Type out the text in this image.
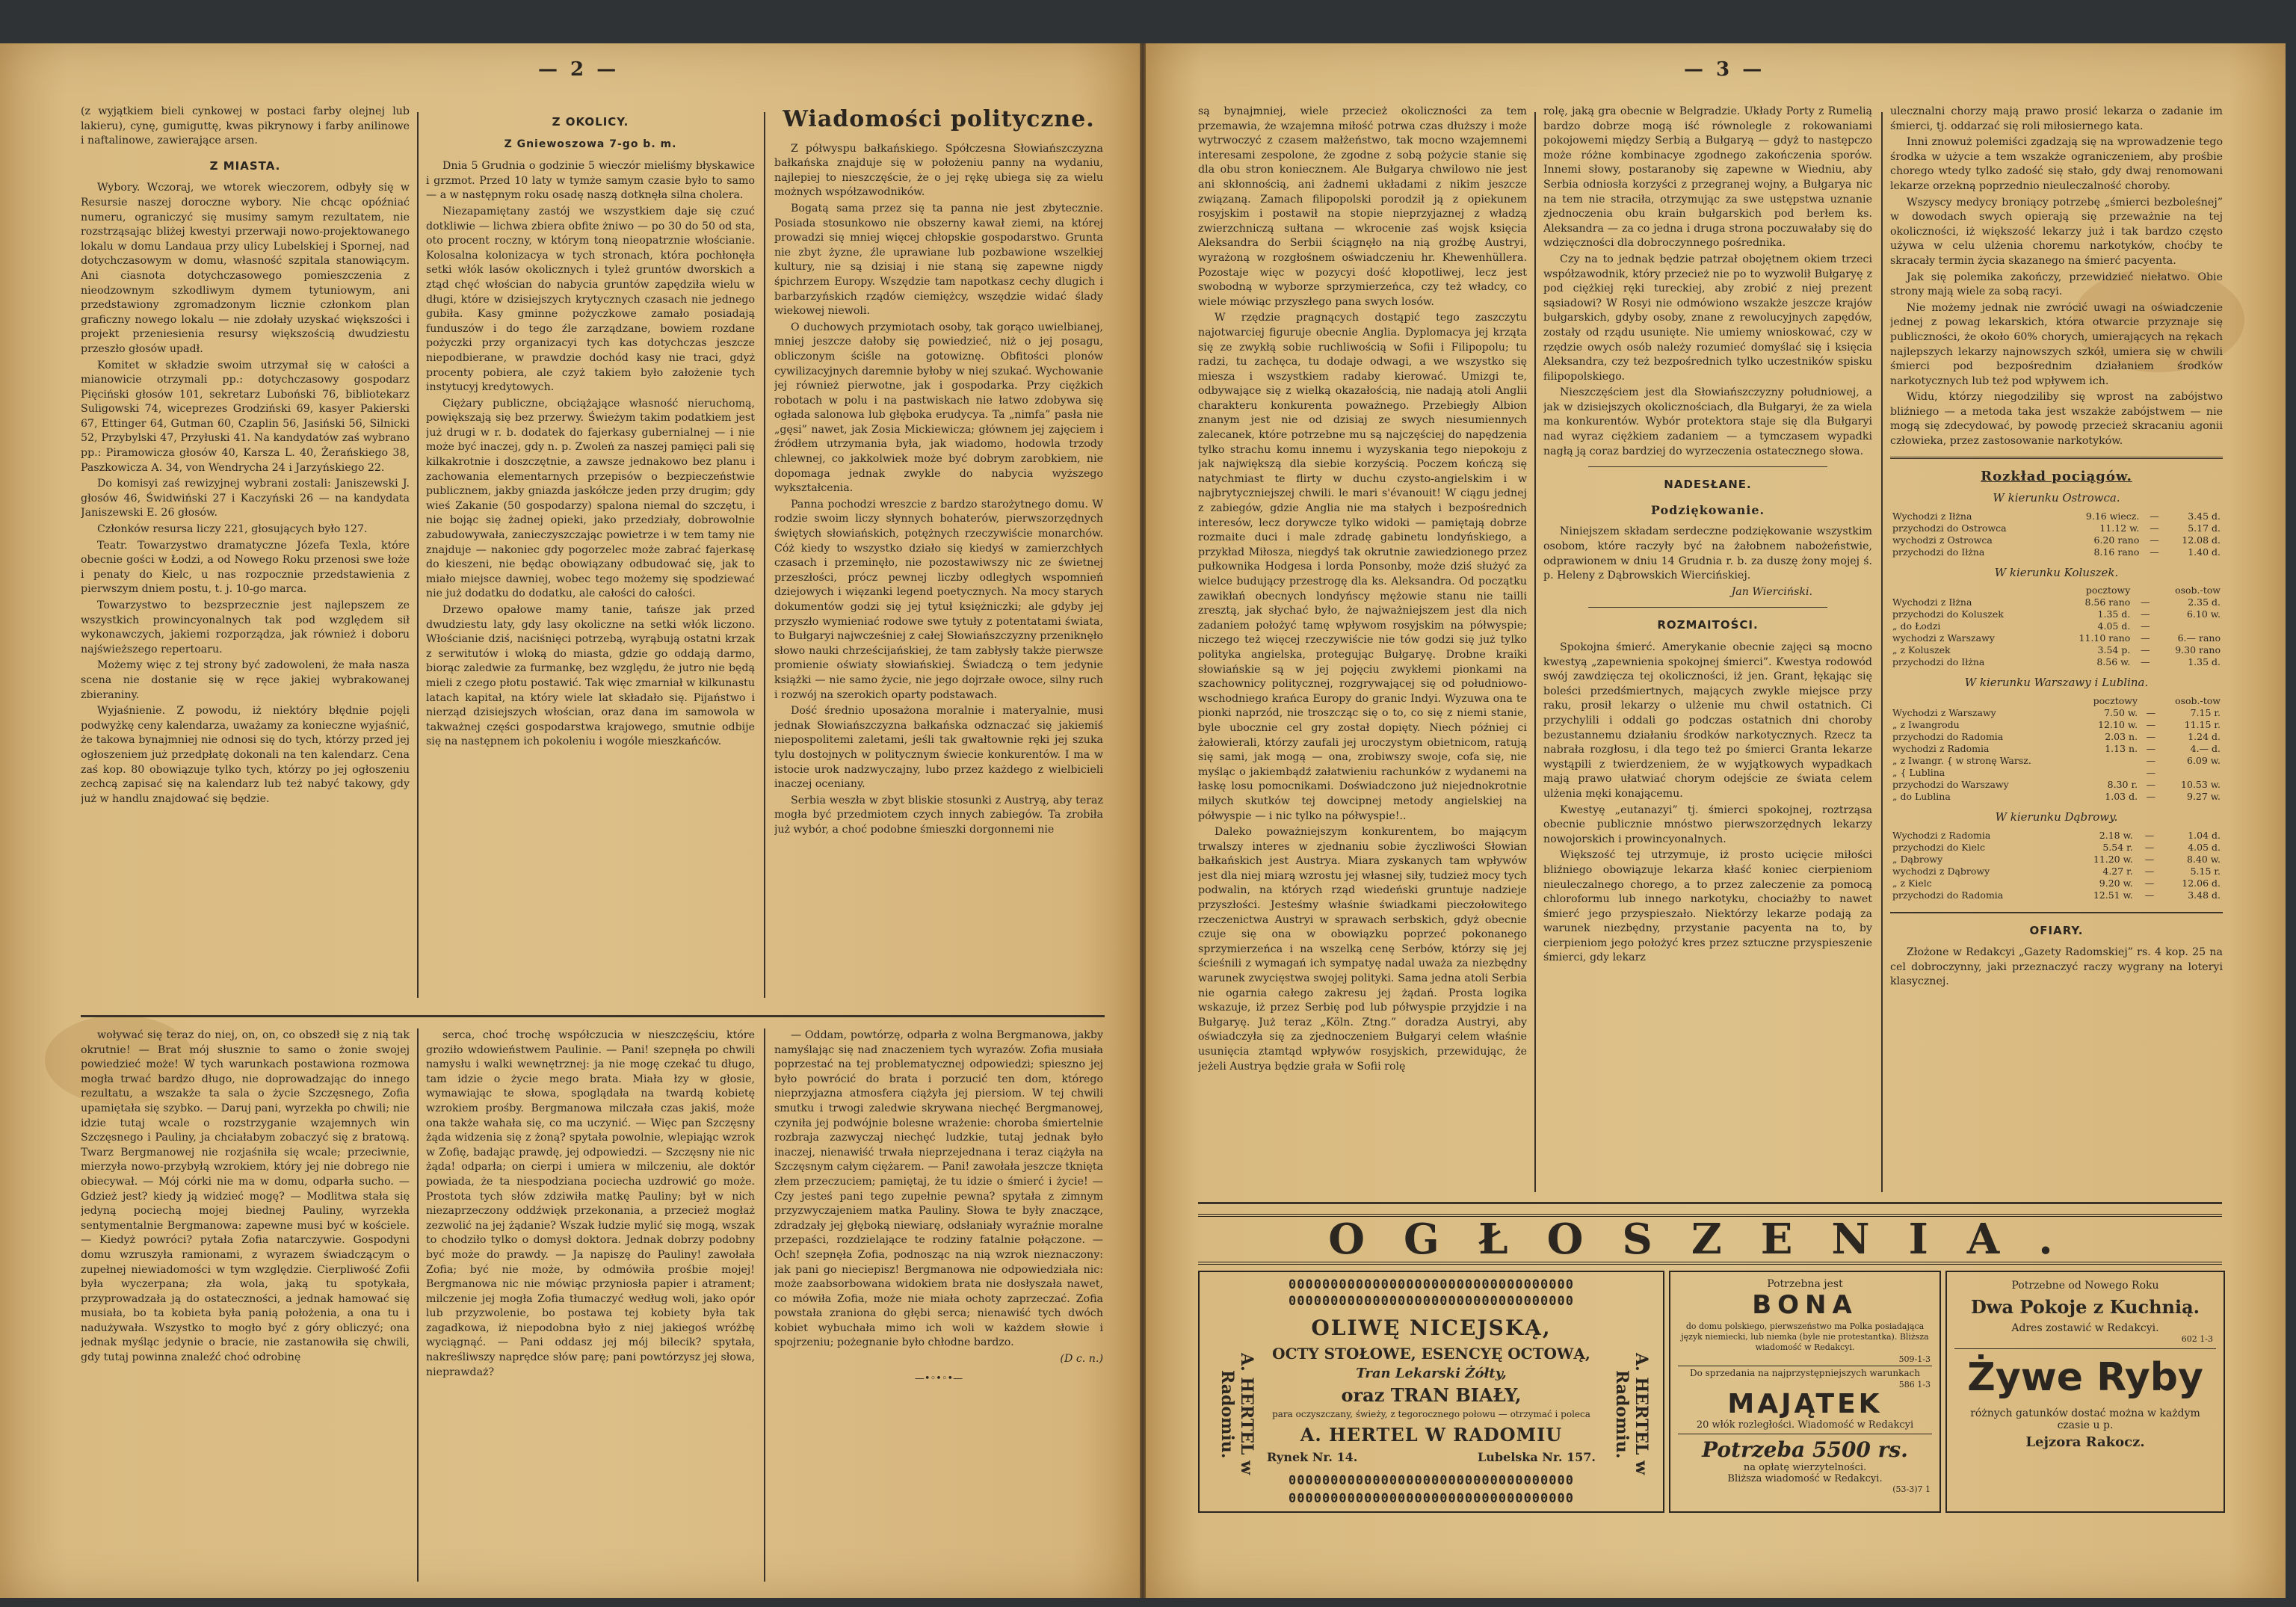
— 2 —

(z wyjątkiem bieli cynkowej w postaci farby olejnej lub lakieru), cynę, gumiguttę, kwas pikrynowy i farby anilinowe i naftalinowe, zawierające arsen.

Z MIASTA.

Wybory. Wczoraj, we wtorek wieczorem, odbyły się w Resursie naszej doroczne wybory. Nie chcąc opóźniać numeru, ograniczyć się musimy samym rezultatem, nie rozstrząsając bliżej kwestyi przerwaji nowo-projektowanego lokalu w domu Landaua przy ulicy Lubelskiej i Spornej, nad dotychczasowym w domu, własność szpitala stanowiącym. Ani ciasnota dotychczasowego pomieszczenia z nieodzownym szkodliwym dymem tytuniowym, ani przedstawiony zgromadzonym licznie członkom plan graficzny nowego lokalu — nie zdołały uzyskać większości i projekt przeniesienia resursy większością dwudziestu przeszło głosów upadł.

Komitet w składzie swoim utrzymał się w całości a mianowicie otrzymali pp.: dotychczasowy gospodarz Pięciński głosów 101, sekretarz Luboński 76, bibliotekarz Suligowski 74, wiceprezes Grodziński 69, kasyer Pakierski 67, Ettinger 64, Gutman 60, Czaplin 56, Jasiński 56, Silnicki 52, Przybylski 47, Przyłuski 41. Na kandydatów zaś wybrano pp.: Piramowicza głosów 40, Karsza L. 40, Żerańskiego 38, Paszkowicza A. 34, von Wendrycha 24 i Jarzyńskiego 22.

Do komisyi zaś rewizyjnej wybrani zostali: Janiszewski J. głosów 46, Świdwiński 27 i Kaczyński 26 — na kandydata Janiszewski E. 26 głosów.

Członków resursa liczy 221, głosujących było 127.

Teatr. Towarzystwo dramatyczne Józefa Texla, które obecnie gości w Łodzi, a od Nowego Roku przenosi swe łoże i penaty do Kielc, u nas rozpocznie przedstawienia z pierwszym dniem postu, t. j. 10-go marca.

Towarzystwo to bezsprzecznie jest najlepszem ze wszystkich prowincyonalnych tak pod względem sił wykonawczych, jakiemi rozporządza, jak również i doboru najświeższego repertoaru.

Możemy więc z tej strony być zadowoleni, że mała nasza scena nie dostanie się w ręce jakiej wybrakowanej zbieraniny.

Wyjaśnienie. Z powodu, iż niektóry błędnie pojęli podwyżkę ceny kalendarza, uważamy za konieczne wyjaśnić, że takowa bynajmniej nie odnosi się do tych, którzy przed jej ogłoszeniem już przedpłatę dokonali na ten kalendarz. Cena zaś kop. 80 obowiązuje tylko tych, którzy po jej ogłoszeniu zechcą zapisać się na kalendarz lub też nabyć takowy, gdy już w handlu znajdować się będzie.

Z OKOLICY.
Z Gniewoszowa 7-go b. m.

Dnia 5 Grudnia o godzinie 5 wieczór mieliśmy błyskawice i grzmot. Przed 10 laty w tymże samym czasie było to samo — a w następnym roku osadę naszą dotknęła silna cholera.

Niezapamiętany zastój we wszystkiem daje się czuć dotkliwie — lichwa zbiera obfite żniwo — po 30 do 50 od sta, oto procent roczny, w którym toną nieopatrznie włościanie. Kolosalna kolonizacya w tych stronach, która pochłonęła setki włók lasów okolicznych i tyleż gruntów dworskich a ztąd chęć włościan do nabycia gruntów zapędziła wielu w długi, które w dzisiejszych krytycznych czasach nie jednego gubiła. Kasy gminne pożyczkowe zamało posiadają funduszów i do tego źle zarządzane, bowiem rozdane pożyczki przy organizacyi tych kas dotychczas jeszcze niepodbierane, w prawdzie dochód kasy nie traci, gdyż procenty pobiera, ale czyż takiem było założenie tych instytucyj kredytowych.

Ciężary publiczne, obciążające własność nieruchomą, powiększają się bez przerwy. Świeżym takim podatkiem jest już drugi w r. b. dodatek do fajerkasy gubernialnej — i nie może być inaczej, gdy n. p. Zwoleń za naszej pamięci pali się kilkakrotnie i doszczętnie, a zawsze jednakowo bez planu i zachowania elementarnych przepisów o bezpieczeństwie publicznem, jakby gniazda jaskółcze jeden przy drugim; gdy wieś Zakanie (50 gospodarzy) spalona niemal do szczętu, i nie bojąc się żadnej opieki, jako przedziały, dobrowolnie zabudowywała, zanieczyszczając powietrze i w tem tamy nie znajduje — nakoniec gdy pogorzelec może zabrać fajerkasę do kieszeni, nie będąc obowiązany odbudować się, jak to miało miejsce dawniej, wobec tego możemy się spodziewać nie już dodatku do dodatku, ale całości do całości.

Drzewo opałowe mamy tanie, tańsze jak przed dwudziestu laty, gdy lasy okoliczne na setki włók liczono. Włościanie dziś, naciśnięci potrzebą, wyrąbują ostatni krzak z serwitutów i wloką do miasta, gdzie go oddają darmo, biorąc zaledwie za furmankę, bez względu, że jutro nie będą mieli z czego płotu postawić. Tak więc zmarniał w kilkunastu latach kapitał, na który wiele lat składało się. Pijaństwo i nierząd dzisiejszych włościan, oraz dana im samowola w takważnej części gospodarstwa krajowego, smutnie odbije się na następnem ich pokoleniu i wogóle mieszkańców.

Wiadomości polityczne.

Z półwyspu bałkańskiego. Spółczesna Słowiańszczyzna bałkańska znajduje się w położeniu panny na wydaniu, najlepiej to nieszczęście, że o jej rękę ubiega się za wielu możnych współzawodników.

Bogatą sama przez się ta panna nie jest zbytecznie. Posiada stosunkowo nie obszerny kawał ziemi, na której prowadzi się mniej więcej chłopskie gospodarstwo. Grunta nie zbyt żyzne, źle uprawiane lub pozbawione wszelkiej kultury, nie są dzisiaj i nie staną się zapewne nigdy śpichrzem Europy. Wszędzie tam napotkasz cechy dlugich i barbarzyńskich rządów ciemiężcy, wszędzie widać ślady wiekowej niewoli.

O duchowych przymiotach osoby, tak gorąco uwielbianej, mniej jeszcze dałoby się powiedzieć, niż o jej posagu, obliczonym ściśle na gotowiznę. Obfitości plonów cywilizacyjnych daremnie byłoby w niej szukać. Wychowanie jej również pierwotne, jak i gospodarka. Przy ciężkich robotach w polu i na pastwiskach nie łatwo zdobywa się ogłada salonowa lub głęboka erudycya. Ta „nimfa” pasła nie „gęsi” nawet, jak Zosia Mickiewicza; głównem jej zajęciem i źródłem utrzymania była, jak wiadomo, hodowla trzody chlewnej, co jakkolwiek może być dobrym zarobkiem, nie dopomaga jednak zwykle do nabycia wyższego wykształcenia.

Panna pochodzi wreszcie z bardzo starożytnego domu. W rodzie swoim liczy słynnych bohaterów, pierwszorzędnych świętych słowiańskich, potężnych rzeczywiście monarchów. Cóż kiedy to wszystko działo się kiedyś w zamierzchłych czasach i przeminęło, nie pozostawiwszy nic ze świetnej przeszłości, prócz pewnej liczby odległych wspomnień dziejowych i więzanki legend poetycznych. Na mocy starych dokumentów godzi się jej tytuł księżniczki; ale gdyby jej przyszło wymieniać rodowe swe tytuły z potentatami świata, to Bułgaryi najwcześniej z całej Słowiańszczyzny przeniknęło słowo nauki chrześcijańskiej, że tam zabłysły także pierwsze promienie oświaty słowiańskiej. Świadczą o tem jedynie książki — nie samo życie, nie jego dojrzałe owoce, silny ruch i rozwój na szerokich oparty podstawach.

Dość średnio uposażona moralnie i materyalnie, musi jednak Słowiańszczyzna bałkańska odznaczać się jakiemiś niepospolitemi zaletami, jeśli tak gwałtownie ręki jej szuka tylu dostojnych w politycznym świecie konkurentów. I ma w istocie urok nadzwyczajny, lubo przez każdego z wielbicieli inaczej oceniany.

Serbia weszła w zbyt bliskie stosunki z Austryą, aby teraz mogła być przedmiotem czych innych zabiegów. Ta zrobiła już wybór, a choć podobne śmieszki dorgonnemi nie

woływać się teraz do niej, on, on, co obszedł się z nią tak okrutnie! — Brat mój słusznie to samo o żonie swojej powiedzieć może! W tych warunkach postawiona rozmowa mogła trwać bardzo długo, nie doprowadzając do innego rezultatu, a wszakże ta sala o życie Szczęsnego, Zofia upamiętała się szybko. — Daruj pani, wyrzekła po chwili; nie idzie tutaj wcale o rozstrzyganie wzajemnych win Szczęsnego i Pauliny, ja chciałabym zobaczyć się z bratową. Twarz Bergmanowej nie rozjaśniła się wcale; przeciwnie, mierzyła nowo-przybyłą wzrokiem, który jej nie dobrego nie obiecywał. — Mój córki nie ma w domu, odparła sucho. — Gdzież jest? kiedy ją widzieć mogę? — Modlitwa stała się jedyną pociechą mojej biednej Pauliny, wyrzekła sentymentalnie Bergmanowa: zapewne musi być w kościele. — Kiedyż powróci? pytała Zofia natarczywie. Gospodyni domu wzruszyła ramionami, z wyrazem świadczącym o zupełnej niewiadomości w tym względzie. Cierpliwość Zofii była wyczerpana; zła wola, jaką tu spotykała, przyprowadzała ją do ostateczności, a jednak hamować się musiała, bo ta kobieta była panią położenia, a ona tu i nadużywała. Wszystko to mogło być z góry obliczyć; ona jednak myśląc jedynie o bracie, nie zastanowiła się chwili, gdy tutaj powinna znaleźć choć odrobinę

serca, choć trochę współczucia w nieszczęściu, które groziło wdowieństwem Paulinie. — Pani! szepnęła po chwili namysłu i walki wewnętrznej: ja nie mogę czekać tu długo, tam idzie o życie mego brata. Miała łzy w głosie, wymawiając te słowa, spoglądała na twardą kobietę wzrokiem prośby. Bergmanowa milczała czas jakiś, może ona także wahała się, co ma uczynić. — Więc pan Szczęsny żąda widzenia się z żoną? spytała powolnie, wlepiając wzrok w Zofię, badając prawdę, jej odpowiedzi. — Szczęsny nie nic żąda! odparła; on cierpi i umiera w milczeniu, ale doktór powiada, że ta niespodziana pociecha uzdrowić go może. Prostota tych słów zdziwiła matkę Pauliny; był w nich niezaprzeczony oddźwięk przekonania, a przecież mogłaż zezwolić na jej żądanie? Wszak łudzie mylić się mogą, wszak to chodziło tylko o domysł doktora. Jednak dobrzy podobny być może do prawdy. — Ja napiszę do Pauliny! zawołała Zofia; być nie może, by odmówiła prośbie mojej! Bergmanowa nic nie mówiąc przyniosła papier i atrament; milczenie jej mogła Zofia tłumaczyć według woli, jako opór lub przyzwolenie, bo postawa tej kobiety była tak zagadkowa, iż niepodobna było z niej jakiegoś wróżbę wyciągnąć. — Pani oddasz jej mój bilecik? spytała, nakreśliwszy naprędce słów parę; pani powtórzysz jej słowa, nieprawdaż?

— Oddam, powtórzę, odparła z wolna Bergmanowa, jakby namyślając się nad znaczeniem tych wyrazów. Zofia musiała poprzestać na tej problematycznej odpowiedzi; spieszno jej było powrócić do brata i porzucić ten dom, którego nieprzyjazna atmosfera ciążyła jej piersiom. W tej chwili smutku i trwogi zaledwie skrywana niechęć Bergmanowej, czyniła jej podwójnie bolesne wrażenie: choroba śmiertelnie rozbraja zazwyczaj niechęć ludzkie, tutaj jednak było inaczej, nienawiść trwała nieprzejednana i teraz ciążyła na Szczęsnym całym ciężarem. — Pani! zawołała jeszcze tknięta złem przeczuciem; pamiętaj, że tu idzie o śmierć i życie! — Czy jesteś pani tego zupełnie pewna? spytała z zimnym przyzwyczajeniem matka Pauliny. Słowa te były znaczące, zdradzały jej głęboką niewiarę, odsłaniały wyraźnie moralne przepaści, rozdzielające te rodziny fatalnie połączone. — Och! szepnęła Zofia, podnosząc na nią wzrok nieznaczony: jak pani go nieciepisz! Bergmanowa nie odpowiedziała nic: może zaabsorbowana widokiem brata nie dosłyszała nawet, co mówiła Zofia, może nie miała ochoty zaprzeczać. Zofia powstała zraniona do głębi serca; nienawiść tych dwóch kobiet wybuchała mimo ich woli w każdem słowie i spojrzeniu; pożegnanie było chłodne bardzo.

(D c. n.)
—•◦•◦•—
— 3 —

są bynajmniej, wiele przecież okoliczności za tem przemawia, że wzajemna miłość potrwa czas dłuższy i może wytrwoczyć z czasem małżeństwo, tak mocno wzajemnemi interesami zespolone, że zgodne z sobą pożycie stanie się dla obu stron koniecznem. Ale Bułgarya chwilowo nie jest ani skłonnością, ani żadnemi układami z nikim jeszcze związaną. Zamach filipopolski porodził ją z opiekunem rosyjskim i postawił na stopie nieprzyjaznej z władzą zwierzchniczą sułtana — wkrocenie zaś wojsk księcia Aleksandra do Serbii ściągnęło na nią groźbę Austryi, wyrażoną w rozgłośnem oświadczeniu hr. Khewenhüllera. Pozostaje więc w pozycyi dość kłopotliwej, lecz jest swobodną w wyborze sprzymierzeńca, czy też władcy, co wiele mówiąc przyszłego pana swych losów.

W rzędzie pragnących dostąpić tego zaszczytu najotwarciej figuruje obecnie Anglia. Dyplomacya jej krząta się ze zwykłą sobie ruchliwością w Sofii i Filipopolu; tu radzi, tu zachęca, tu dodaje odwagi, a we wszystko się miesza i wszystkiem radaby kierować. Umizgi te, odbywające się z wielką okazałością, nie nadają atoli Anglii charakteru konkurenta poważnego. Przebiegły Albion znanym jest nie od dzisiaj ze swych niesumiennych zalecanek, które potrzebne mu są najczęściej do napędzenia tylko strachu komu innemu i wyzyskania tego niepokoju z jak największą dla siebie korzyścią. Poczem kończą się natychmiast te flirty w duchu czysto-angielskim i w najbrytyczniejszej chwili. le mari s'évanouit! W ciągu jednej z zabiegów, gdzie Anglia nie ma stałych i bezpośrednich interesów, lecz dorywcze tylko widoki — pamiętają dobrze rozmaite duci i male zdradę gabinetu londyńskiego, a przykład Miłosza, niegdyś tak okrutnie zawiedzionego przez pułkownika Hodgesa i lorda Ponsonby, może dziś służyć za wielce budujący przestrogę dla ks. Aleksandra. Od początku zawikłań obecnych londyńscy mężowie stanu nie tailli zresztą, jak słychać było, że najważniejszem jest dla nich zadaniem położyć tamę wpływom rosyjskim na półwyspie; niczego też więcej rzeczywiście nie tów godzi się już tylko polityka angielska, protegując Bułgaryę. Drobne kraiki słowiańskie są w jej pojęciu zwykłemi pionkami na szachownicy politycznej, rozgrywającej się od południowo-wschodniego krańca Europy do granic Indyi. Wyzuwa ona te pionki naprzód, nie troszcząc się o to, co się z niemi stanie, byle ubocznie cel gry został dopięty. Niech później ci żałowierali, którzy zaufali jej uroczystym obietnicom, ratują się sami, jak mogą — ona, zrobiwszy swoje, cofa się, nie myśląc o jakiembądź załatwieniu rachunków z wydanemi na łaskę losu pomocnikami. Doświadczono już niejednokrotnie milych skutków tej dowcipnej metody angielskiej na półwyspie — i nic tylko na półwyspie!..

Daleko poważniejszym konkurentem, bo mającym trwalszy interes w zjednaniu sobie życzliwości Słowian bałkańskich jest Austrya. Miara zyskanych tam wpływów jest dla niej miarą wzrostu jej własnej siły, tudzież mocy tych podwalin, na których rząd wiedeński gruntuje nadzieje przyszłości. Jesteśmy właśnie świadkami pieczołowitego rzeczenictwa Austryi w sprawach serbskich, gdyż obecnie czuje się ona w obowiązku poprzeć pokonanego sprzymierzeńca i na wszelką cenę Serbów, którzy się jej ścieśnili z wymagań ich sympatyę nadal uważa za niezbędny warunek zwycięstwa swojej polityki. Sama jedna atoli Serbia nie ogarnia całego zakresu jej żądań. Prosta logika wskazuje, iż przez Serbię pod lub półwyspie przyjdzie i na Bułgaryę. Już teraz „Köln. Ztng.” doradza Austryi, aby oświadczyła się za zjednoczeniem Bułgaryi celem właśnie usunięcia ztamtąd wpływów rosyjskich, przewidując, że jeżeli Austrya będzie grała w Sofii rolę

rolę, jaką gra obecnie w Belgradzie. Układy Porty z Rumelią bardzo dobrze mogą iść równolegle z rokowaniami pokojowemi między Serbią a Bułgaryą — gdyż to następczo może różne kombinacye zgodnego zakończenia sporów. Innemi słowy, postaranoby się zapewne w Wiedniu, aby Serbia odniosła korzyści z przegranej wojny, a Bułgarya nic na tem nie straciła, otrzymując za swe ustępstwa uznanie zjednoczenia obu krain bułgarskich pod berłem ks. Aleksandra — za co jedna i druga strona poczuwałaby się do wdzięczności dla dobroczynnego pośrednika.

Czy na to jednak będzie patrzał obojętnem okiem trzeci współzawodnik, który przecież nie po to wyzwolił Bułgaryę z pod ciężkiej ręki tureckiej, aby zrobić z niej prezent sąsiadowi? W Rosyi nie odmówiono wszakże jeszcze krajów bułgarskich, gdyby osoby, znane z rewolucyjnych zapędów, zostały od rządu usunięte. Nie umiemy wnioskować, czy w rzędzie owych osób należy rozumieć domyślać się i księcia Aleksandra, czy też bezpośrednich tylko uczestników spisku filipopolskiego.

Nieszczęściem jest dla Słowiańszczyzny południowej, a jak w dzisiejszych okolicznościach, dla Bułgaryi, że za wiela ma konkurentów. Wybór protektora staje się dla Bułgaryi nad wyraz ciężkiem zadaniem — a tymczasem wypadki nagłą ją coraz bardziej do wyrzeczenia ostatecznego słowa.

NADESŁANE.
Podziękowanie.

Niniejszem składam serdeczne podziękowanie wszystkim osobom, które raczyły być na żałobnem nabożeństwie, odprawionem w dniu 14 Grudnia r. b. za duszę żony mojej ś. p. Heleny z Dąbrowskich Wiercińskiej.

Jan Wierciński.
ROZMAITOŚCI.

Spokojna śmierć. Amerykanie obecnie zajęci są mocno kwestyą „zapewnienia spokojnej śmierci”. Kwestya rodowód swój zawdzięcza tej okoliczności, iż jen. Grant, łękając się boleści przedśmiertnych, mających zwykle miejsce przy raku, prosił lekarzy o ulżenie mu chwil ostatnich. Ci przychylili i oddali go podczas ostatnich dni choroby bezustannemu działaniu środków narkotycznych. Rzecz ta nabrała rozgłosu, i dla tego też po śmierci Granta lekarze wystąpili z twierdzeniem, że w wyjątkowych wypadkach mają prawo ułatwiać chorym odejście ze świata celem ulżenia męki konającemu.

Kwestyę „eutanazyi” tj. śmierci spokojnej, roztrząsa obecnie publicznie mnóstwo pierwszorzędnych lekarzy nowojorskich i prowincyonalnych.

Większość tej utrzymuje, iż prosto ucięcie miłości bliźniego obowiązuje lekarza kłaść koniec cierpieniom nieuleczalnego chorego, a to przez zaleczenie za pomocą chloroformu lub innego narkotyku, chociażby to nawet śmierć jego przyspieszało. Niektórzy lekarze podają za warunek niezbędny, przystanie pacyenta na to, by cierpieniom jego położyć kres przez sztuczne przyspieszenie śmierci, gdy lekarz

ulecznalni chorzy mają prawo prosić lekarza o zadanie im śmierci, tj. oddarzać się roli miłosiernego kata.

Inni znowuż polemiści zgadzają się na wprowadzenie tego środka w użycie a tem wszakże ograniczeniem, aby prośbie chorego wtedy tylko zadość się stało, gdy dwaj renomowani lekarze orzekną poprzednio nieuleczalność choroby.

Wszyscy medycy broniący potrzebę „śmierci bezboleśnej” w dowodach swych opierają się przeważnie na tej okoliczności, iż większość lekarzy już i tak bardzo często używa w celu ulżenia choremu narkotyków, choćby te skracały termin życia skazanego na śmierć pacyenta.

Jak się polemika zakończy, przewidzieć niełatwo. Obie strony mają wiele za sobą racyi.

Nie możemy jednak nie zwrócić uwagi na oświadczenie jednej z powag lekarskich, która otwarcie przyznaje się publiczności, że około 60% chorych, umierających na rękach najlepszych lekarzy najnowszych szkół, umiera się w chwili śmierci pod bezpośrednim działaniem środków narkotycznych lub też pod wpływem ich.

Widu, którzy niegodziliby się wprost na zabójstwo bliźniego — a metoda taka jest wszakże zabójstwem — nie mogą się zdecydować, by powodę przecież skracaniu agonii człowieka, przez zastosowanie narkotyków.

Rozkład pociągów.
W kierunku Ostrowca.
Wychodzi z Iłżna	9.16 wiecz.	—	3.45 d.
przychodzi do Ostrowca	11.12 w.	—	5.17 d.
wychodzi z Ostrowca	6.20 rano	—	12.08 d.
przychodzi do Iłżna	8.16 rano	—	1.40 d.
W kierunku Koluszek.
	pocztowy		osob.-tow
Wychodzi z Iłżna	8.56 rano	—	2.35 d.
przychodzi do Koluszek	1.35 d.	—	6.10 w.
„ do Łodzi	4.05 d.	—	
wychodzi z Warszawy	11.10 rano	—	6.— rano
„ z Koluszek	3.54 p.	—	9.30 rano
przychodzi do Iłżna	8.56 w.	—	1.35 d.
W kierunku Warszawy i Lublina.
	pocztowy		osob.-tow
Wychodzi z Warszawy	7.50 w.	—	7.15 r.
„ z Iwangrodu	12.10 w.	—	11.15 r.
przychodzi do Radomia	2.03 n.	—	1.24 d.
wychodzi z Radomia	1.13 n.	—	4.— d.
„ z Iwangr. { w stronę Warsz.		—	6.09 w.
„ { Lublina		—	
przychodzi do Warszawy	8.30 r.	—	10.53 w.
„ do Lublina	1.03 d.	—	9.27 w.
W kierunku Dąbrowy.
Wychodzi z Radomia	2.18 w.	—	1.04 d.
przychodzi do Kielc	5.54 r.	—	4.05 d.
„ Dąbrowy	11.20 w.	—	8.40 w.
wychodzi z Dąbrowy	4.27 r.	—	5.15 r.
„ z Kielc	9.20 w.	—	12.06 d.
przychodzi do Radomia	12.51 w.	—	3.48 d.
OFIARY.

Złożone w Redakcyi „Gazety Radomskiej” rs. 4 kop. 25 na cel dobroczynny, jaki przeznaczyć raczy wygrany na loteryi klasycznej.

OGŁOSZENIA.
0000000000000000000000000000000000
0000000000000000000000000000000000
A. HERTEL w Radomiu.	A. HERTEL w Radomiu.
OLIWĘ NICEJSKĄ,
OCTY STOŁOWE, ESENCYĘ OCTOWĄ,
Tran Lekarski Żółty,
oraz TRAN BIAŁY,
para oczyszczany, świeży, z tegorocznego połowu — otrzymać i poleca
A. HERTEL W RADOMIU
Rynek Nr. 14.	Lubelska Nr. 157.
0000000000000000000000000000000000
0000000000000000000000000000000000
Potrzebna jest
BONA
do domu polskiego, pierwszeństwo ma Polka posiadająca język niemiecki, lub niemka (byle nie protestantka). Bliższa wiadomość w Redakcyi.
509-1-3
Do sprzedania na najprzystępniejszych warunkach
586 1-3
MAJĄTEK
20 włók rozległości. Wiadomość w Redakcyi
Potrzeba 5500 rs.
na opłatę wierzytelności.
Bliższa wiadomość w Redakcyi.
(53-3)7 1
Potrzebne od Nowego Roku
Dwa Pokoje z Kuchnią.
Adres zostawić w Redakcyi.
602 1-3
Żywe Ryby
różnych gatunków dostać można w każdym czasie u p.
Lejzora Rakocz.
